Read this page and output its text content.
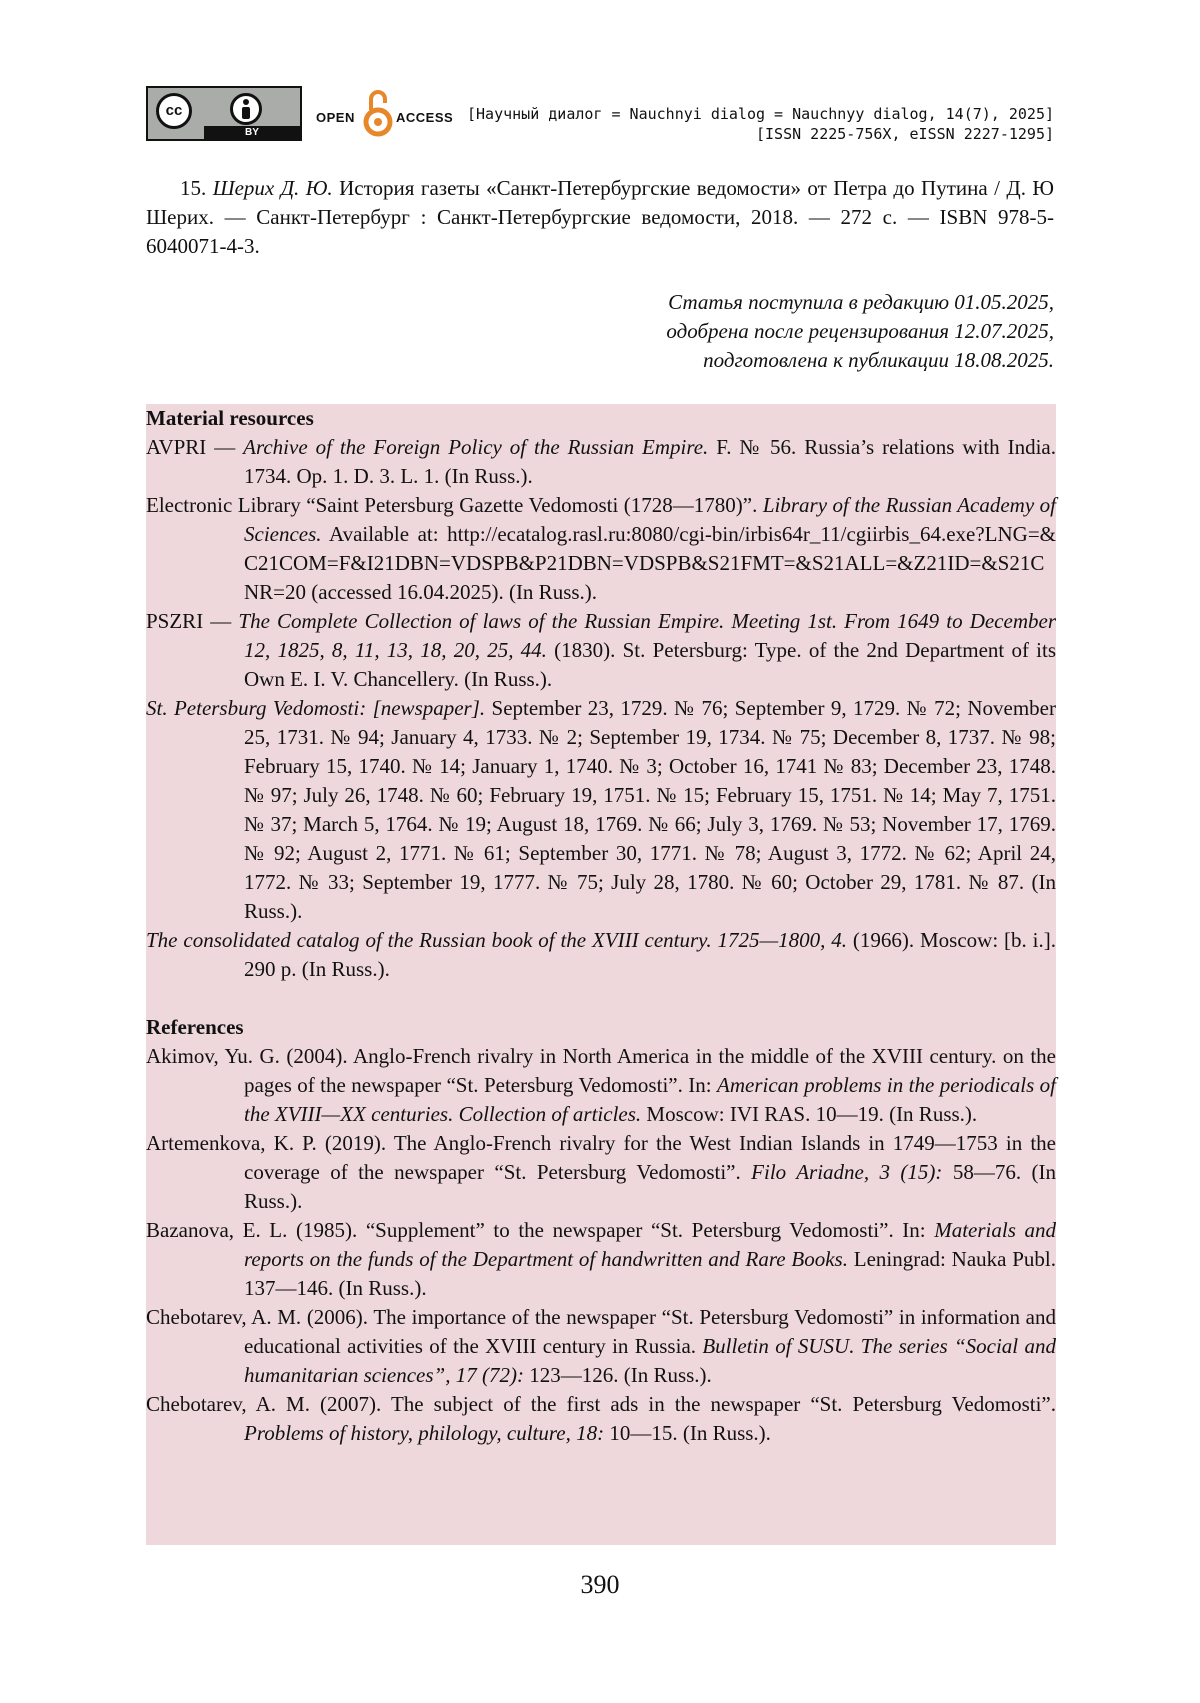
cc
BY
OPEN	ACCESS [Научный диалог = Nauchnyi dialog = Nauchnyy dialog, 14(7), 2025]
[ISSN 2225-756X, eISSN 2227-1295]
15. Шерих Д. Ю. История газеты «Санкт-Петербургские ведомости» от Петра до Путина / Д. Ю Шерих. — Санкт-Петербург : Санкт-Петербургские ведомости, 2018. — 272 с. — ISBN 978-5-6040071-4-3.
Статья поступила в редакцию 01.05.2025,
одобрена после рецензирования 12.07.2025,
подготовлена к публикации 18.08.2025.
Material resources
AVPRI — Archive of the Foreign Policy of the Russian Empire. F. № 56. Russia’s relations with India. 1734. Op. 1. D. 3. L. 1. (In Russ.).
Electronic Library “Saint Petersburg Gazette Vedomosti (1728—1780)”. Library of the Russian Academy of Sciences. Available at: http://ecatalog.rasl.ru:8080/cgi-bin/irbis64r_11/cgiirbis_64.exe?LNG=&C21COM=F&I21DBN=VDSPB&P21DBN=VDSPB&S21FMT=&S21ALL=&Z21ID=&S21CNR=20 (accessed 16.04.2025). (In Russ.).
PSZRI — The Complete Collection of laws of the Russian Empire. Meeting 1st. From 1649 to December 12, 1825, 8, 11, 13, 18, 20, 25, 44. (1830). St. Petersburg: Type. of the 2nd Department of its Own E. I. V. Chancellery. (In Russ.).
St. Petersburg Vedomosti: [newspaper]. September 23, 1729. № 76; September 9, 1729. № 72; November 25, 1731. № 94; January 4, 1733. № 2; September 19, 1734. № 75; December 8, 1737. № 98; February 15, 1740. № 14; January 1, 1740. № 3; October 16, 1741 № 83; December 23, 1748. № 97; July 26, 1748. № 60; February 19, 1751. № 15; February 15, 1751. № 14; May 7, 1751. № 37; March 5, 1764. № 19; August 18, 1769. № 66; July 3, 1769. № 53; November 17, 1769. № 92; August 2, 1771. № 61; September 30, 1771. № 78; August 3, 1772. № 62; April 24, 1772. № 33; September 19, 1777. № 75; July 28, 1780. № 60; October 29, 1781. № 87. (In Russ.).
The consolidated catalog of the Russian book of the XVIII century. 1725—1800, 4. (1966). Moscow: [b. i.]. 290 p. (In Russ.).
References
Akimov, Yu. G. (2004). Anglo-French rivalry in North America in the middle of the XVIII century. on the pages of the newspaper “St. Petersburg Vedomosti”. In: American problems in the periodicals of the XVIII—XX centuries. Collection of articles. Moscow: IVI RAS. 10—19. (In Russ.).
Artemenkova, K. P. (2019). The Anglo-French rivalry for the West Indian Islands in 1749—1753 in the coverage of the newspaper “St. Petersburg Vedomosti”. Filo Ariadne, 3 (15): 58—76. (In Russ.).
Bazanova, E. L. (1985). “Supplement” to the newspaper “St. Petersburg Vedomosti”. In: Materials and reports on the funds of the Department of handwritten and Rare Books. Leningrad: Nauka Publ. 137—146. (In Russ.).
Chebotarev, A. M. (2006). The importance of the newspaper “St. Petersburg Vedomosti” in information and educational activities of the XVIII century in Russia. Bulletin of SUSU. The series “Social and humanitarian sciences”, 17 (72): 123—126. (In Russ.).
Chebotarev, A. M. (2007). The subject of the first ads in the newspaper “St. Petersburg Vedomosti”. Problems of history, philology, culture, 18: 10—15. (In Russ.).
390
